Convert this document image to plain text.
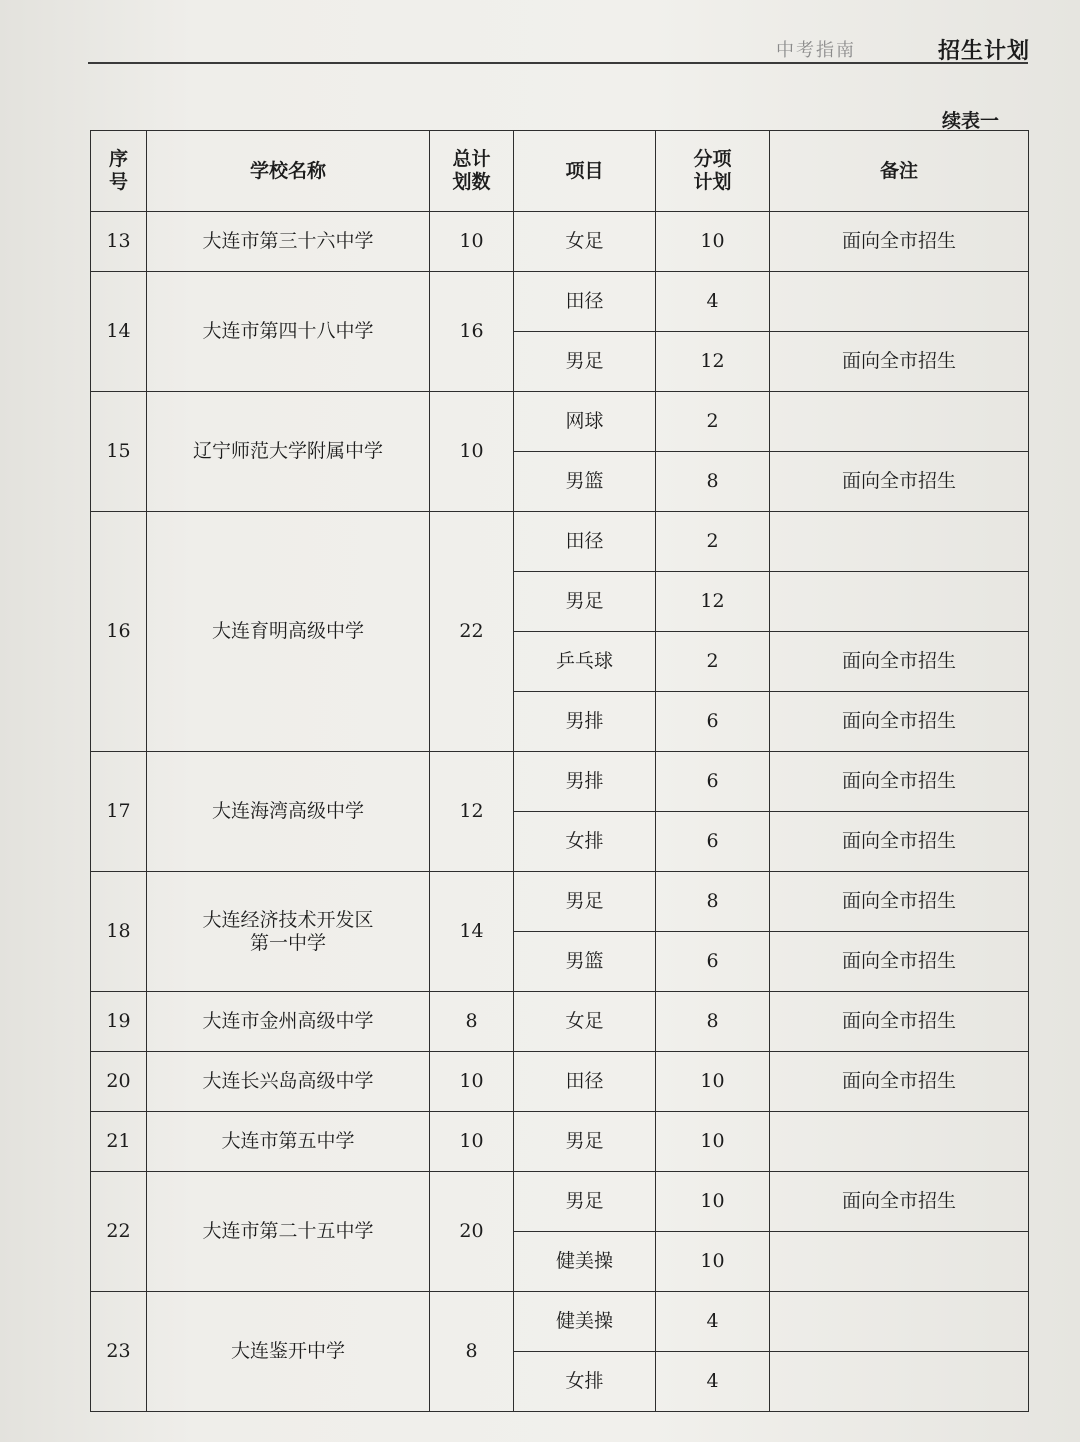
中考指南	招生计划
续表一
序
号	学校名称	总计
划数	项目	分项
计划	备注
13	大连市第三十六中学	10	女足	10	面向全市招生
14	大连市第四十八中学	16	田径	4	
			男足	12	面向全市招生
15	辽宁师范大学附属中学	10	网球	2	
			男篮	8	面向全市招生
16	大连育明高级中学	22	田径	2	
			男足	12	
			乒乓球	2	面向全市招生
			男排	6	面向全市招生
17	大连海湾高级中学	12	男排	6	面向全市招生
			女排	6	面向全市招生
18	大连经济技术开发区
第一中学	14	男足	8	面向全市招生
			男篮	6	面向全市招生
19	大连市金州高级中学	8	女足	8	面向全市招生
20	大连长兴岛高级中学	10	田径	10	面向全市招生
21	大连市第五中学	10	男足	10	
22	大连市第二十五中学	20	男足	10	面向全市招生
			健美操	10	
23	大连鉴开中学	8	健美操	4	
			女排	4	
